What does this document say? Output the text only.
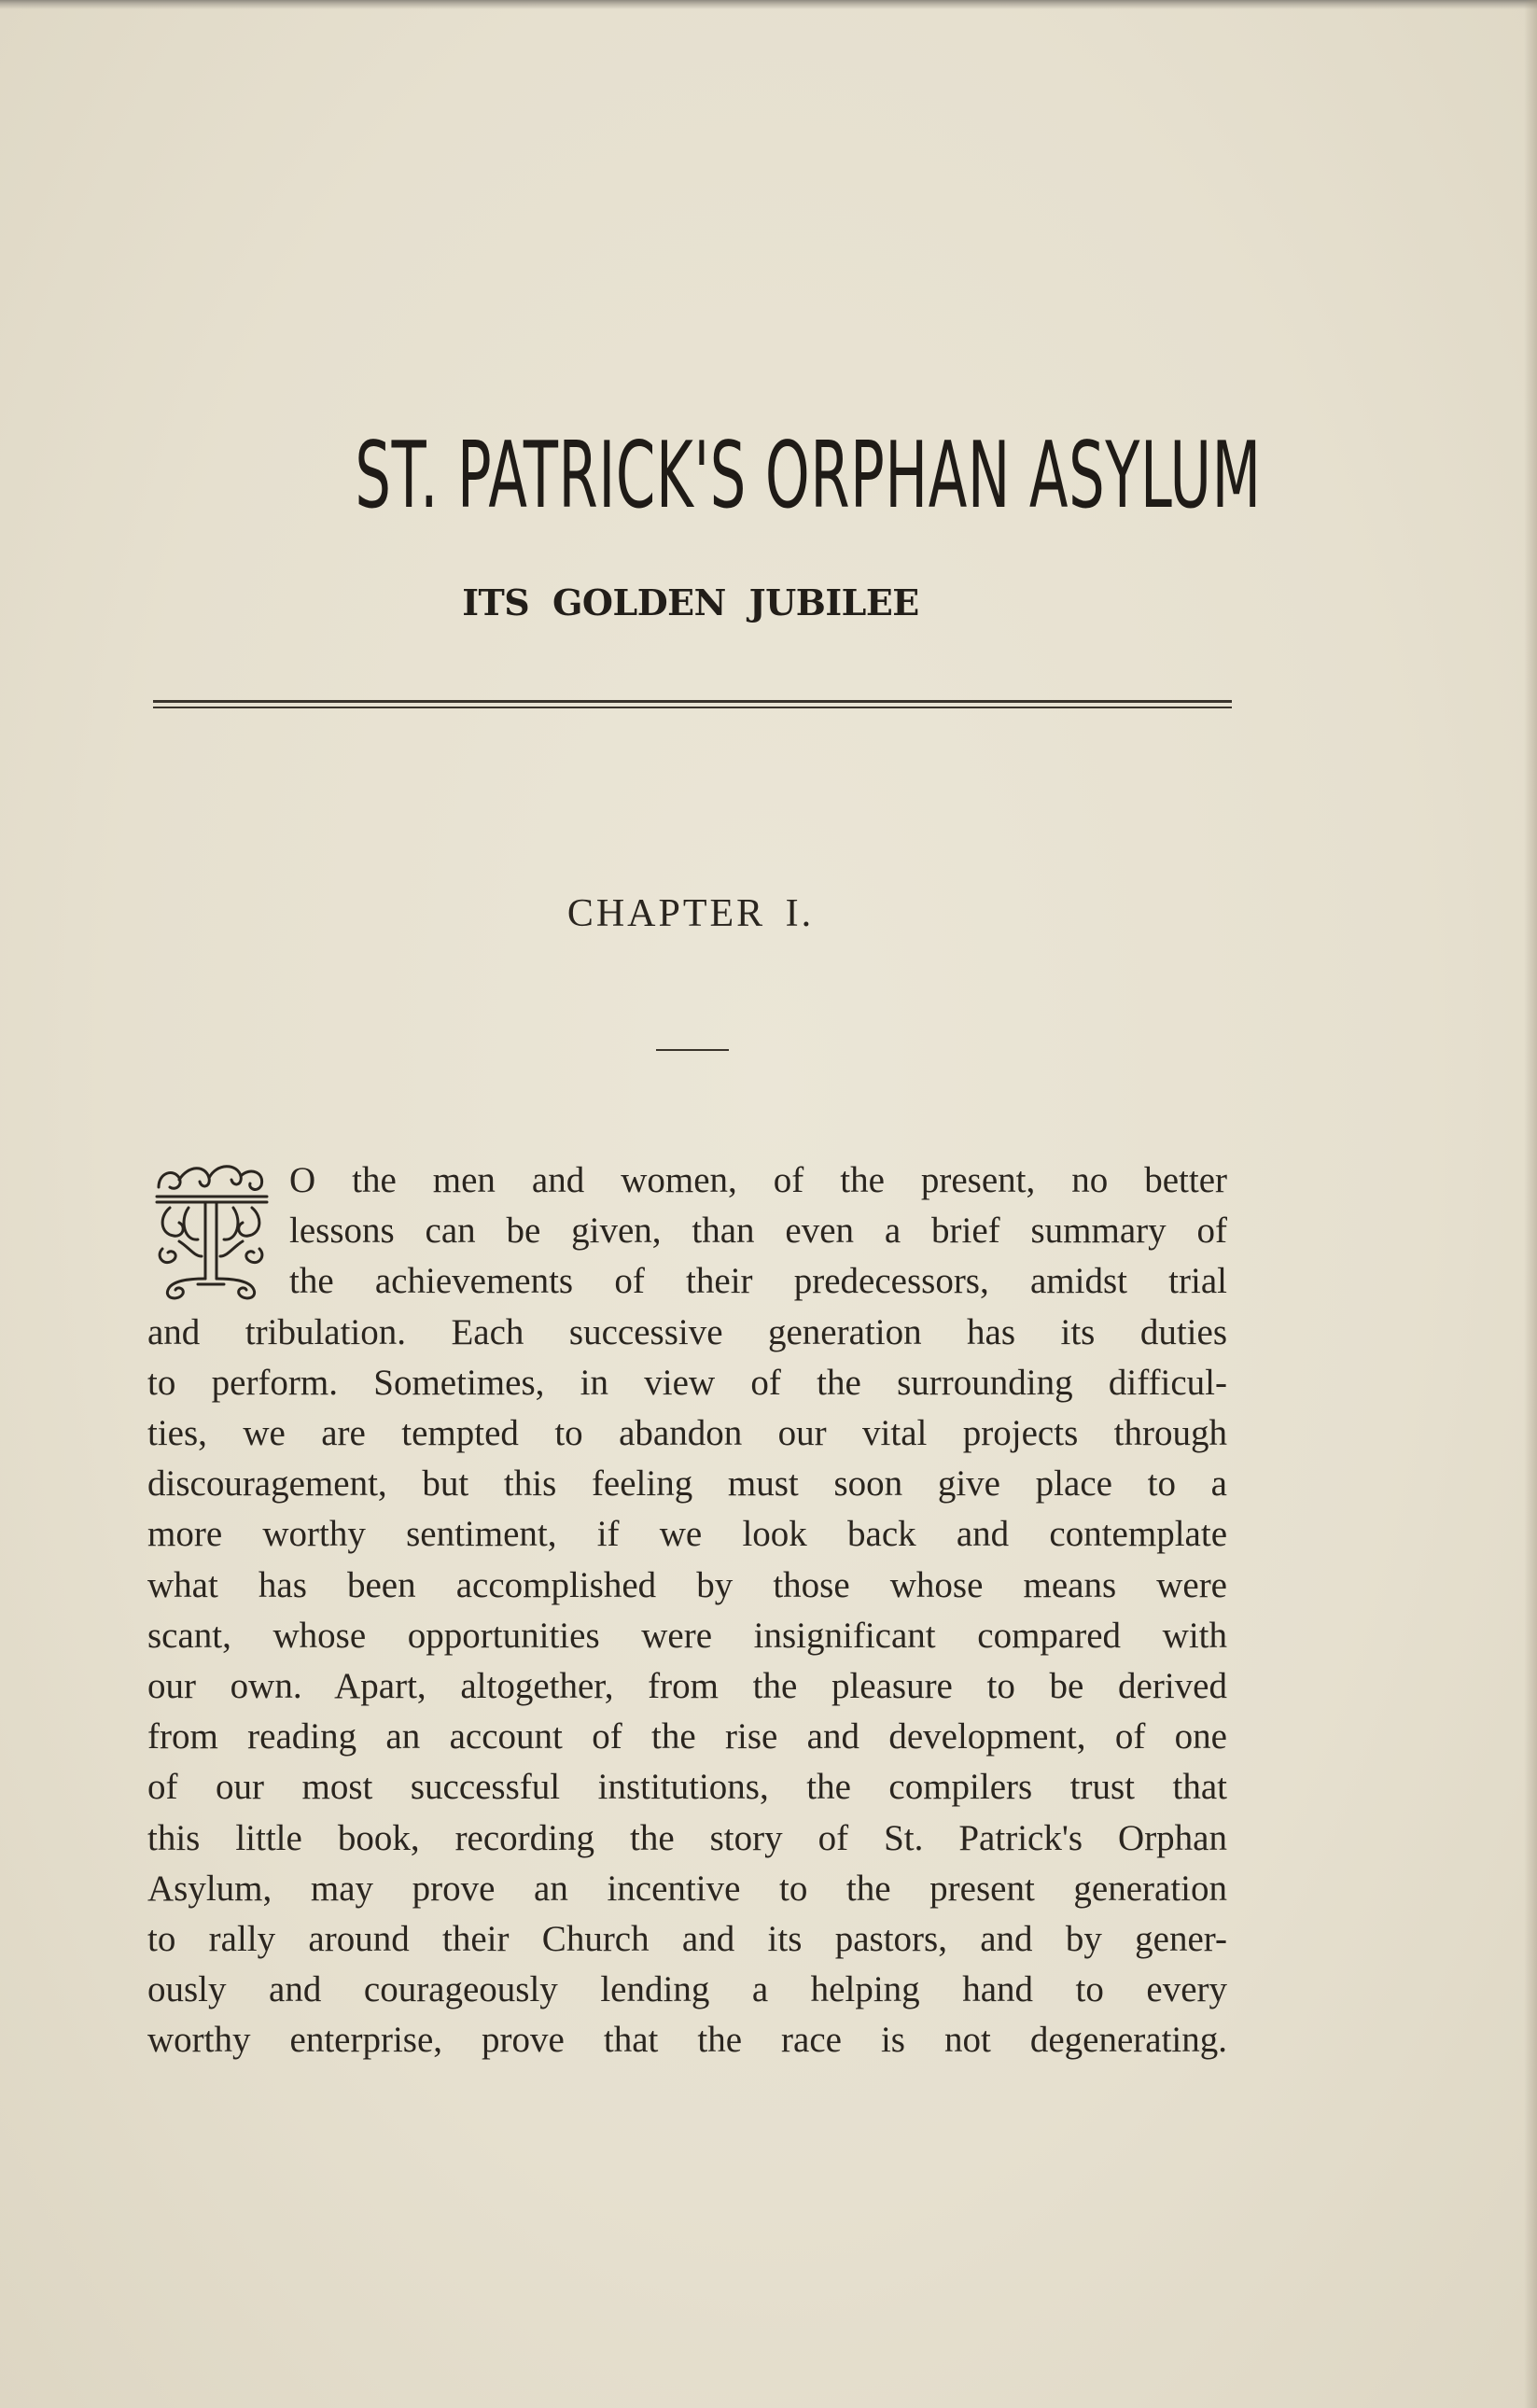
ST. PATRICK'S ORPHAN ASYLUM
ITS GOLDEN JUBILEE
CHAPTER I.
O the men and women, of the present, no better
lessons can be given, than even a brief summary of
the achievements of their predecessors, amidst trial
and tribulation. Each successive generation has its duties
to perform. Sometimes, in view of the surrounding difficul-
ties, we are tempted to abandon our vital projects through
discouragement, but this feeling must soon give place to a
more worthy sentiment, if we look back and contemplate
what has been accomplished by those whose means were
scant, whose opportunities were insignificant compared with
our own. Apart, altogether, from the pleasure to be derived
from reading an account of the rise and development, of one
of our most successful institutions, the compilers trust that
this little book, recording the story of St. Patrick's Orphan
Asylum, may prove an incentive to the present generation
to rally around their Church and its pastors, and by gener-
ously and courageously lending a helping hand to every
worthy enterprise, prove that the race is not degenerating.
